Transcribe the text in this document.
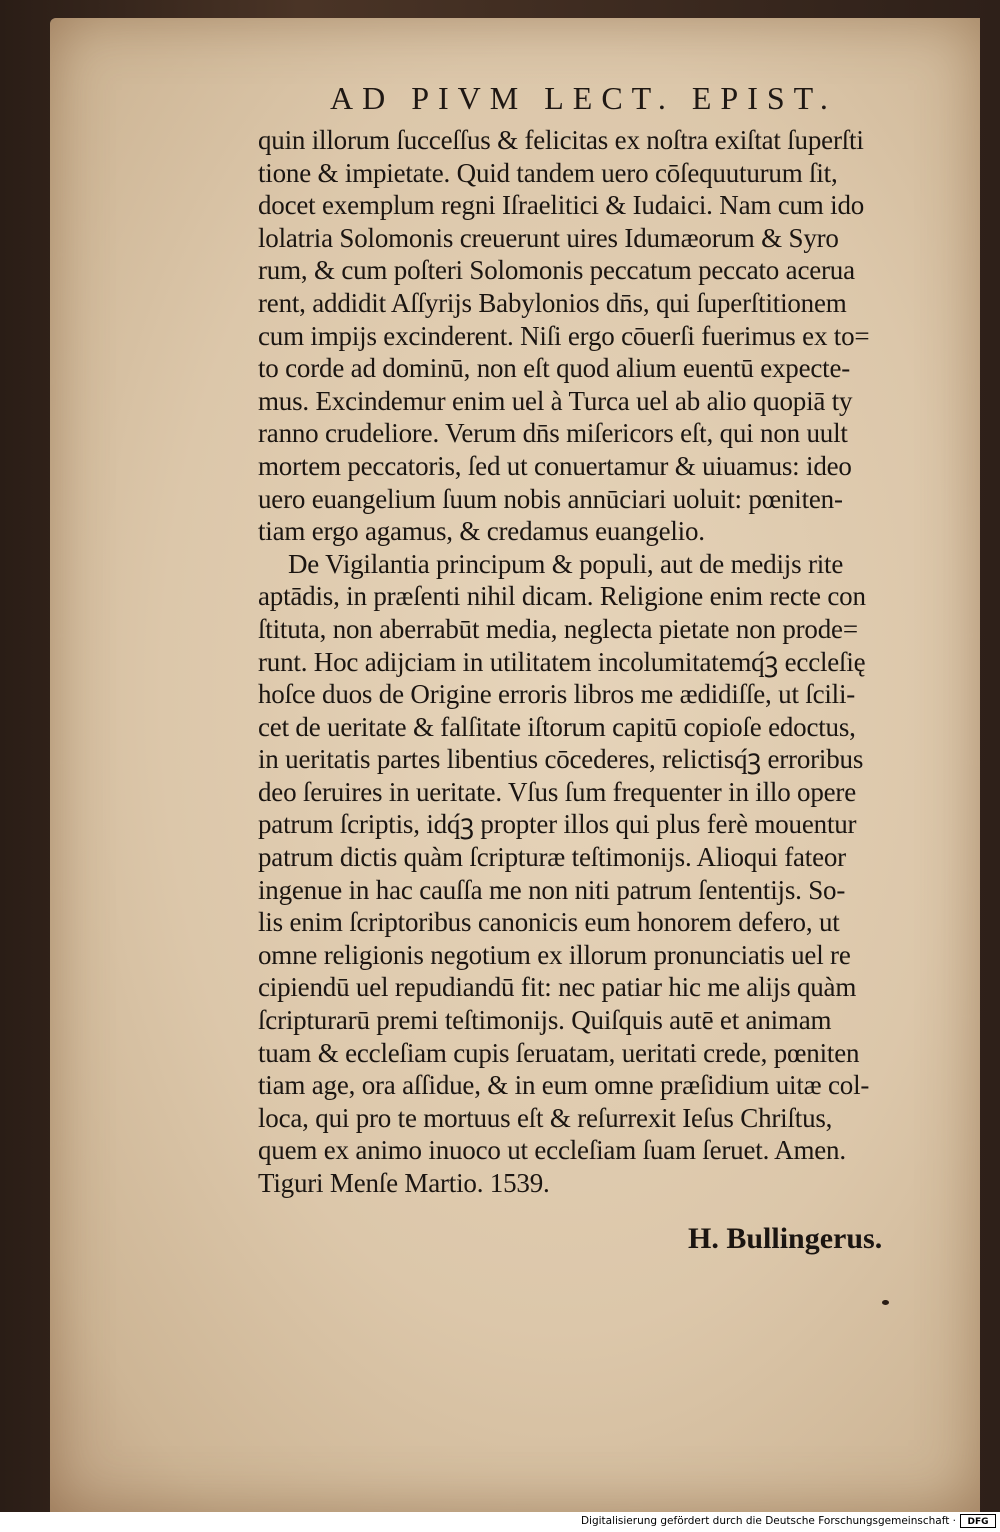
AD PIVM LECT. EPIST.
quin illorum ſucceſſus & felicitas ex noſtra exiſtat ſuperſti
tione & impietate. Quid tandem uero cōſequuturum ſit,
docet exemplum regni Iſraelitici & Iudaici. Nam cum ido
lolatria Solomonis creuerunt uires Idumæorum & Syro
rum, & cum poſteri Solomonis peccatum peccato acerua
rent, addidit Aſſyrijs Babylonios dn̄s, qui ſuperſtitionem
cum impijs excinderent. Niſi ergo cōuerſi fuerimus ex to=
to corde ad dominū, non eſt quod alium euentū expecte-
mus. Excindemur enim uel à Turca uel ab alio quopiā ty
ranno crudeliore. Verum dn̄s miſericors eſt, qui non uult
mortem peccatoris, ſed ut conuertamur & uiuamus: ideo
uero euangelium ſuum nobis annūciari uoluit: pœniten-
tiam ergo agamus, & credamus euangelio.
De Vigilantia principum & populi, aut de medijs rite
aptādis, in præſenti nihil dicam. Religione enim recte con
ſtituta, non aberrabūt media, neglecta pietate non prode=
runt. Hoc adijciam in utilitatem incolumitatemq́ꝫ eccleſię
hoſce duos de Origine erroris libros me ædidiſſe, ut ſcili-
cet de ueritate & falſitate iſtorum capitū copioſe edoctus,
in ueritatis partes libentius cōcederes, relictisq́ꝫ erroribus
deo ſeruires in ueritate. Vſus ſum frequenter in illo opere
patrum ſcriptis, idq́ꝫ propter illos qui plus ferè mouentur
patrum dictis quàm ſcripturæ teſtimonijs. Alioqui fateor
ingenue in hac cauſſa me non niti patrum ſententijs. So-
lis enim ſcriptoribus canonicis eum honorem defero, ut
omne religionis negotium ex illorum pronunciatis uel re
cipiendū uel repudiandū fit: nec patiar hic me alijs quàm
ſcripturarū premi teſtimonijs. Quiſquis autē et animam
tuam & eccleſiam cupis ſeruatam, ueritati crede, pœniten
tiam age, ora aſſidue, & in eum omne præſidium uitæ col-
loca, qui pro te mortuus eſt & reſurrexit Ieſus Chriſtus,
quem ex animo inuoco ut eccleſiam ſuam ſeruet. Amen.
Tiguri Menſe Martio. 1539.
H. Bullingerus.
Digitalisierung gefördert durch die Deutsche Forschungsgemeinschaft ·	DFG
